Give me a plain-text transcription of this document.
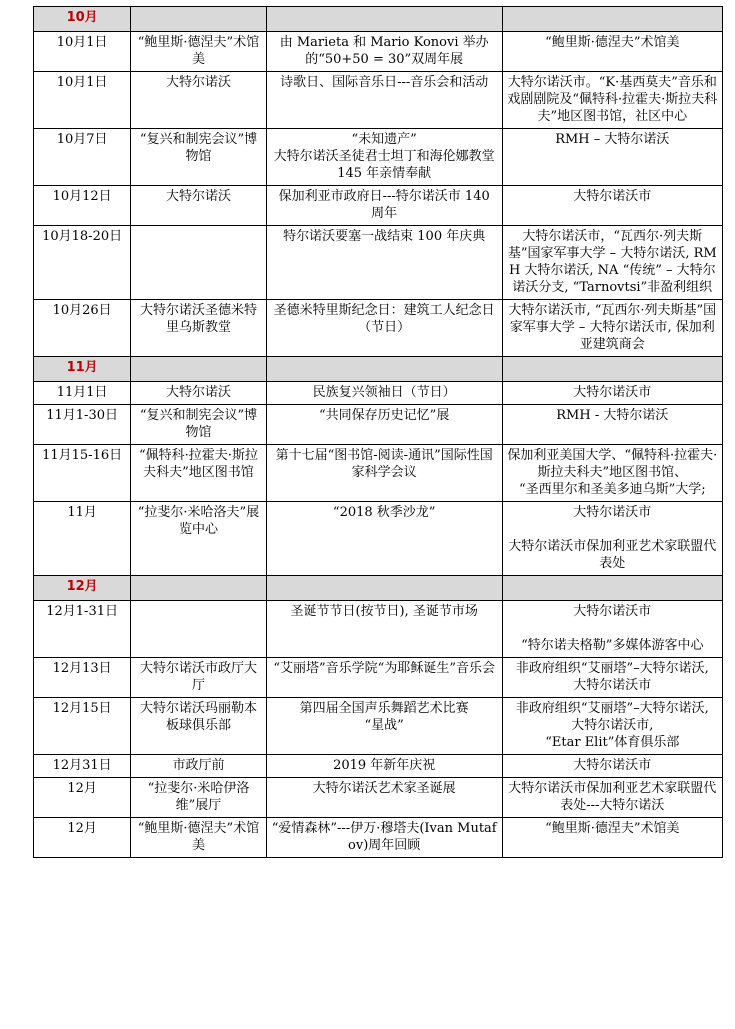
10月			
10月1日	“鲍里斯·德涅夫”术馆美	由 Marieta 和 Mario Konovi 举办的“50+50 = 30”双周年展	“鲍里斯·德涅夫”术馆美

10月1日	大特尔诺沃	诗歌日、国际音乐日---音乐会和活动	大特尔诺沃市。“K·基西莫夫”音乐和戏剧剧院及“佩特科·拉霍夫·斯拉夫科夫”地区图书馆，社区中心

10月7日	“复兴和制宪会议”博物馆	“未知遗产”
大特尔诺沃圣徒君士坦丁和海伦娜教堂 145 年亲情奉献	RMH – 大特尔诺沃

10月12日	大特尔诺沃	保加利亚市政府日---特尔诺沃市 140 周年	大特尔诺沃市

10月18-20日		特尔诺沃要塞一战结束 100 年庆典	大特尔诺沃市，“瓦西尔·列夫斯基”国家军事大学 – 大特尔诺沃, RMH 大特尔诺沃, NA “传统” – 大特尔诺沃分支, “Tarnovtsi”非盈利组织

10月26日	大特尔诺沃圣德米特里乌斯教堂	圣德米特里斯纪念日：建筑工人纪念日（节日）	大特尔诺沃市, “瓦西尔·列夫斯基”国家军事大学 – 大特尔诺沃市, 保加利亚建筑商会

11月			
11月1日	大特尔诺沃	民族复兴领袖日（节日）	大特尔诺沃市

11月1-30日	“复兴和制宪会议”博物馆	“共同保存历史记忆”展	RMH - 大特尔诺沃

11月15-16日	“佩特科·拉霍夫·斯拉夫科夫”地区图书馆	第十七届“图书馆-阅读-通讯”国际性国家科学会议	保加利亚美国大学、“佩特科·拉霍夫·斯拉夫科夫”地区图书馆、
“圣西里尔和圣美多迪乌斯”大学;

11月	“拉斐尔·米哈洛夫”展览中心	“2018 秋季沙龙”	大特尔诺沃市
大特尔诺沃市保加利亚艺术家联盟代表处

12月			
12月1-31日		圣诞节节日(按节日), 圣诞节市场	大特尔诺沃市
“特尔诺夫格勒”多媒体游客中心

12月13日	大特尔诺沃市政厅大厅	“艾丽塔”音乐学院“为耶稣诞生”音乐会	非政府组织“艾丽塔”–大特尔诺沃,
大特尔诺沃市

12月15日	大特尔诺沃玛丽勒本板球俱乐部	第四届全国声乐舞蹈艺术比赛
“星战”	非政府组织“艾丽塔”–大特尔诺沃,
大特尔诺沃市,
“Etar Elit”体育俱乐部

12月31日	市政厅前	2019 年新年庆祝	大特尔诺沃市

12月	“拉斐尔·米哈伊洛维”展厅	大特尔诺沃艺术家圣诞展	大特尔诺沃市保加利亚艺术家联盟代表处---大特尔诺沃

12月	“鲍里斯·德涅夫”术馆美	“爱情森林”---伊万·穆塔夫(Ivan Mutafov)周年回顾	“鲍里斯·德涅夫”术馆美
